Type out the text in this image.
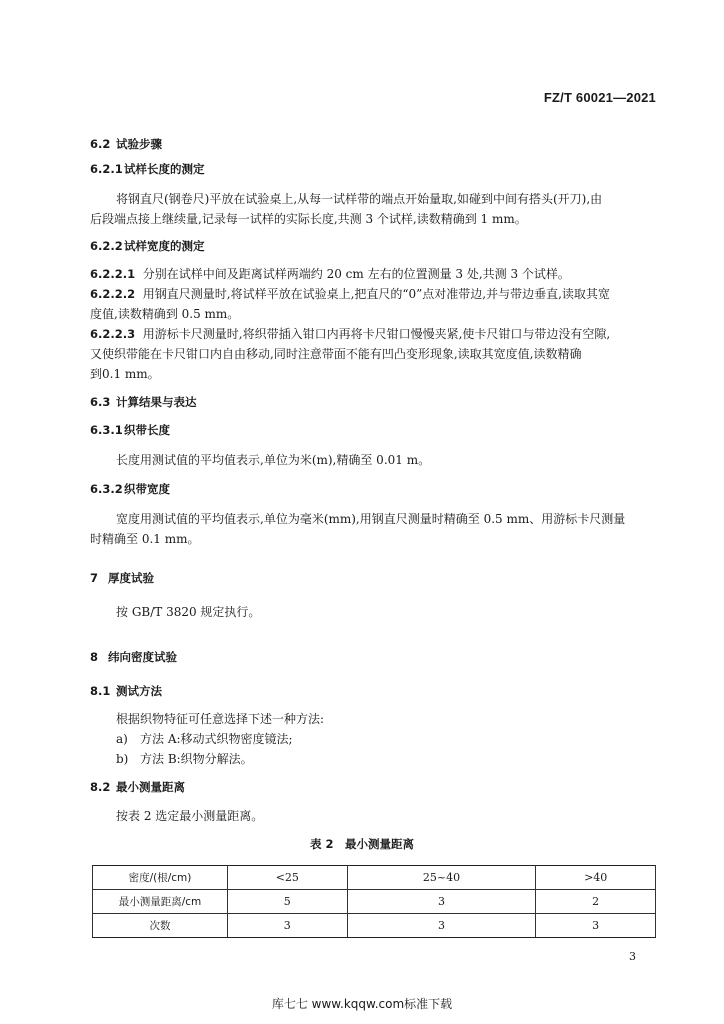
FZ/T 60021—2021
6.2 试验步骤
6.2.1试样长度的测定
将钢直尺(钢卷尺)平放在试验桌上,从每一试样带的端点开始量取,如碰到中间有搭头(开刀),由
后段端点接上继续量,记录每一试样的实际长度,共测 3 个试样,读数精确到 1 mm。
6.2.2试样宽度的测定
6.2.2.1 分别在试样中间及距离试样两端约 20 cm 左右的位置测量 3 处,共测 3 个试样。
6.2.2.2 用钢直尺测量时,将试样平放在试验桌上,把直尺的“0”点对准带边,并与带边垂直,读取其宽
度值,读数精确到 0.5 mm。
6.2.2.3 用游标卡尺测量时,将织带插入钳口内再将卡尺钳口慢慢夹紧,使卡尺钳口与带边没有空隙,
又使织带能在卡尺钳口内自由移动,同时注意带面不能有凹凸变形现象,读取其宽度值,读数精确
到0.1 mm。
6.3 计算结果与表达
6.3.1织带长度
长度用测试值的平均值表示,单位为米(m),精确至 0.01 m。
6.3.2织带宽度
宽度用测试值的平均值表示,单位为毫米(mm),用钢直尺测量时精确至 0.5 mm、用游标卡尺测量
时精确至 0.1 mm。
7 厚度试验
按 GB/T 3820 规定执行。
8 纬向密度试验
8.1 测试方法
根据织物特征可任意选择下述一种方法:
a) 方法 A:移动式织物密度镜法;
b) 方法 B:织物分解法。
8.2 最小测量距离
按表 2 选定最小测量距离。
表 2　最小测量距离
密度/(根/cm)	<25	25~40	>40
最小测量距离/cm	5	3	2
次数	3	3	3
3
库七七 www.kqqw.com标准下载
